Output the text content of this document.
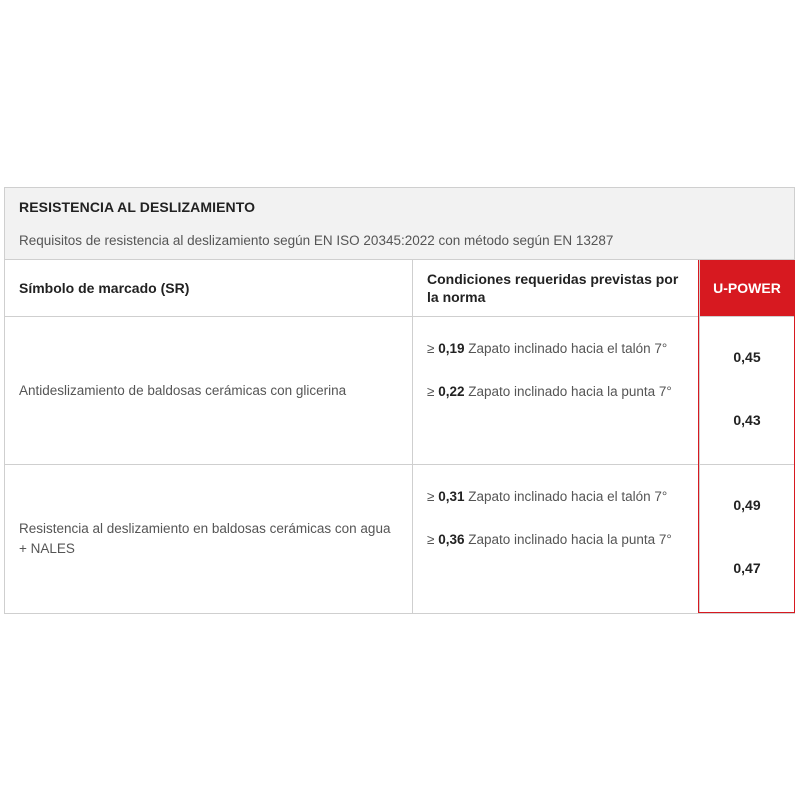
RESISTENCIA AL DESLIZAMIENTO
Requisitos de resistencia al deslizamiento según EN ISO 20345:2022 con método según EN 13287
Símbolo de marcado (SR)
Condiciones requeridas previstas por la norma
U-POWER
Antideslizamiento de baldosas cerámicas con glicerina
≥ 0,19 Zapato inclinado hacia el talón 7°
≥ 0,22 Zapato inclinado hacia la punta 7°
0,45
0,43
Resistencia al deslizamiento en baldosas cerámicas con agua + NALES
≥ 0,31 Zapato inclinado hacia el talón 7°
≥ 0,36 Zapato inclinado hacia la punta 7°
0,49
0,47
